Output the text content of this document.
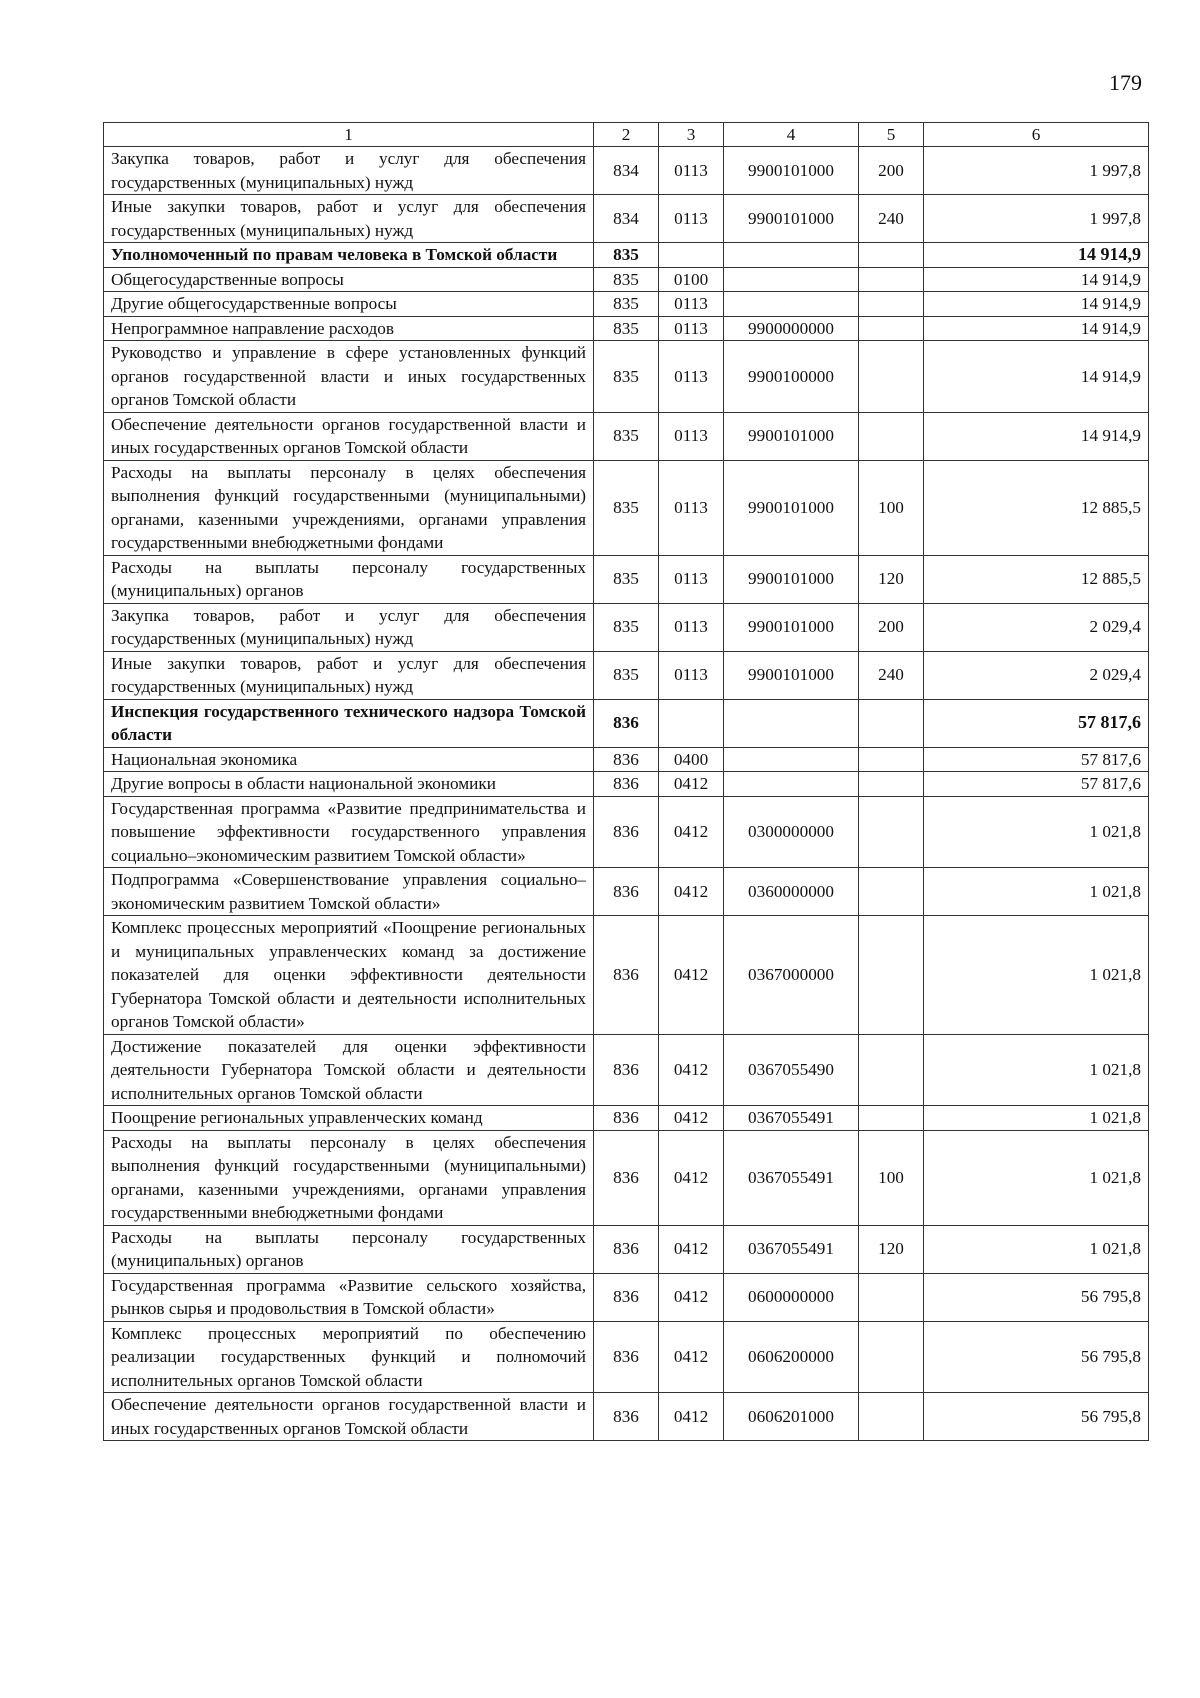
179
1	2	3	4	5	6
Закупка товаров, работ и услуг для обеспечения государственных (муниципальных) нужд	834	0113	9900101000	200	1 997,8
Иные закупки товаров, работ и услуг для обеспечения государственных (муниципальных) нужд	834	0113	9900101000	240	1 997,8
Уполномоченный по правам человека в Томской области	835				14 914,9
Общегосударственные вопросы	835	0100			14 914,9
Другие общегосударственные вопросы	835	0113			14 914,9
Непрограммное направление расходов	835	0113	9900000000		14 914,9
Руководство и управление в сфере установленных функций органов государственной власти и иных государственных органов Томской области	835	0113	9900100000		14 914,9
Обеспечение деятельности органов государственной власти и иных государственных органов Томской области	835	0113	9900101000		14 914,9
Расходы на выплаты персоналу в целях обеспечения выполнения функций государственными (муниципальными) органами, казенными учреждениями, органами управления государственными внебюджетными фондами	835	0113	9900101000	100	12 885,5
Расходы на выплаты персоналу государственных (муниципальных) органов	835	0113	9900101000	120	12 885,5
Закупка товаров, работ и услуг для обеспечения государственных (муниципальных) нужд	835	0113	9900101000	200	2 029,4
Иные закупки товаров, работ и услуг для обеспечения государственных (муниципальных) нужд	835	0113	9900101000	240	2 029,4
Инспекция государственного технического надзора Томской области	836				57 817,6
Национальная экономика	836	0400			57 817,6
Другие вопросы в области национальной экономики	836	0412			57 817,6
Государственная программа «Развитие предпринимательства и повышение эффективности государственного управления социально–экономическим развитием Томской области»	836	0412	0300000000		1 021,8
Подпрограмма «Совершенствование управления социально–экономическим развитием Томской области»	836	0412	0360000000		1 021,8
Комплекс процессных мероприятий «Поощрение региональных и муниципальных управленческих команд за достижение показателей для оценки эффективности деятельности Губернатора Томской области и деятельности исполнительных органов Томской области»	836	0412	0367000000		1 021,8
Достижение показателей для оценки эффективности деятельности Губернатора Томской области и деятельности исполнительных органов Томской области	836	0412	0367055490		1 021,8
Поощрение региональных управленческих команд	836	0412	0367055491		1 021,8
Расходы на выплаты персоналу в целях обеспечения выполнения функций государственными (муниципальными) органами, казенными учреждениями, органами управления государственными внебюджетными фондами	836	0412	0367055491	100	1 021,8
Расходы на выплаты персоналу государственных (муниципальных) органов	836	0412	0367055491	120	1 021,8
Государственная программа «Развитие сельского хозяйства, рынков сырья и продовольствия в Томской области»	836	0412	0600000000		56 795,8
Комплекс процессных мероприятий по обеспечению реализации государственных функций и полномочий исполнительных органов Томской области	836	0412	0606200000		56 795,8
Обеспечение деятельности органов государственной власти и иных государственных органов Томской области	836	0412	0606201000		56 795,8
